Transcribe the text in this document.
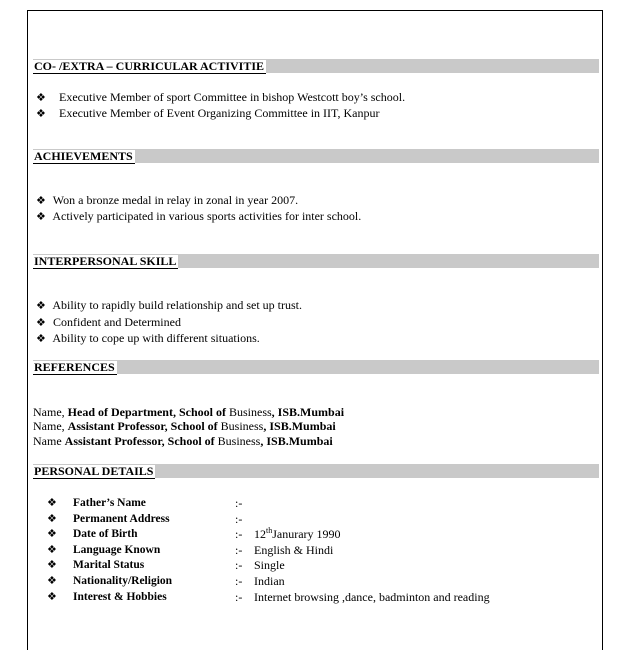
CO- /EXTRA – CURRICULAR ACTIVITIE
❖ Executive Member of sport Committee in bishop Westcott boy’s school.
❖ Executive Member of Event Organizing Committee in IIT, Kanpur
ACHIEVEMENTS
❖ Won a bronze medal in relay in zonal in year 2007.
❖ Actively participated in various sports activities for inter school.
INTERPERSONAL SKILL
❖ Ability to rapidly build relationship and set up trust.
❖ Confident and Determined
❖ Ability to cope up with different situations.
REFERENCES
Name, Head of Department, School of Business, ISB.Mumbai
Name, Assistant Professor, School of Business, ISB.Mumbai
Name Assistant Professor, School of Business, ISB.Mumbai
PERSONAL DETAILS
❖ Father’s Name	:-
❖ Permanent Address	:-
❖ Date of Birth	:- 12thJanurary 1990
❖ Language Known	:- English & Hindi
❖ Marital Status	:- Single
❖ Nationality/Religion	:- Indian
❖ Interest & Hobbies	:- Internet browsing ,dance, badminton and reading
